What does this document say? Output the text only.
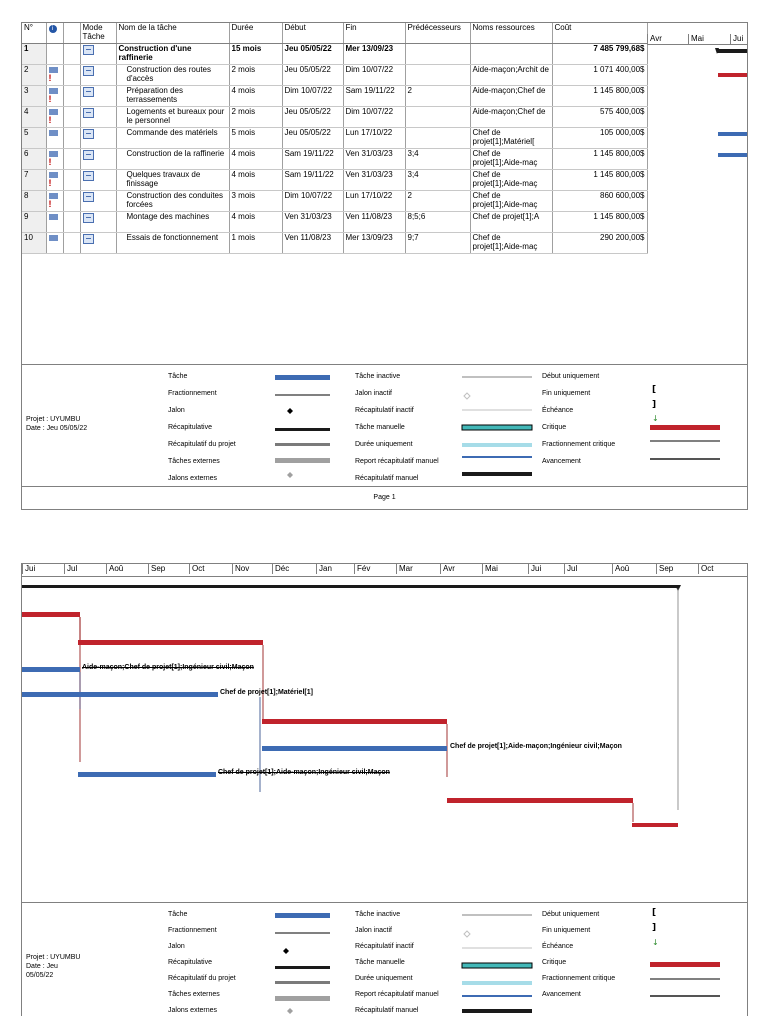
N°	i		Mode Tâche	Nom de la tâche	Durée	Début	Fin	Prédécesseurs	Noms ressources	Coût
1				Construction d'une raffinerie	15 mois	Jeu 05/05/22	Mer 13/09/23			7 485 799,68$
2	!			Construction des routes d'accès	2 mois	Jeu 05/05/22	Dim 10/07/22		Aide-maçon;Archit de	1 071 400,00$
3	!			Préparation des terrassements	4 mois	Dim 10/07/22	Sam 19/11/22	2	Aide-maçon;Chef de	1 145 800,00$
4	!			Logements et bureaux pour le personnel	2 mois	Jeu 05/05/22	Dim 10/07/22		Aide-maçon;Chef de	575 400,00$
5				Commande des matériels	5 mois	Jeu 05/05/22	Lun 17/10/22		Chef de projet[1];Matériel[	105 000,00$
6	!			Construction de la raffinerie	4 mois	Sam 19/11/22	Ven 31/03/23	3;4	Chef de projet[1];Aide-maç	1 145 800,00$
7	!			Quelques travaux de finissage	4 mois	Sam 19/11/22	Ven 31/03/23	3;4	Chef de projet[1];Aide-maç	1 145 800,00$
8	!			Construction des conduites forcées	3 mois	Dim 10/07/22	Lun 17/10/22	2	Chef de projet[1];Aide-maç	860 600,00$
9				Montage des machines	4 mois	Ven 31/03/23	Ven 11/08/23	8;5;6	Chef de projet[1];A	1 145 800,00$
10				Essais de fonctionnement	1 mois	Ven 11/08/23	Mer 13/09/23	9;7	Chef de projet[1];Aide-maç	290 200,00$
Avr	Mai	Jui
Projet : UYUMBU
Date : Jeu 05/05/22
Tâche
Fractionnement
Jalon
Récapitulative
Récapitulatif du projet
Tâches externes
Jalons externes
[
]
↓
Tâche inactive
Jalon inactif
Récapitulatif inactif
Tâche manuelle
Durée uniquement
Report récapitulatif manuel
Récapitulatif manuel
Début uniquement
Fin uniquement
Échéance
Critique
Fractionnement critique
Avancement
Page 1
Jui	Jul	Aoû	Sep	Oct	Nov	Déc	Jan	Fév	Mar	Avr	Mai	Jui	Jul	Aoû	Sep	Oct
Aide-maçon;Chef de projet[1];Ingénieur civil;Maçon
Chef de projet[1];Matériel[1]
Chef de projet[1];Aide-maçon;Ingénieur civil;Maçon
Chef de projet[1];Aide-maçon;Ingénieur civil;Maçon
Projet : UYUMBU
Date : Jeu
05/05/22
Tâche
Fractionnement
Jalon
Récapitulative
Récapitulatif du projet
Tâches externes
Jalons externes
[
]
↓
Tâche inactive
Jalon inactif
Récapitulatif inactif
Tâche manuelle
Durée uniquement
Report récapitulatif manuel
Récapitulatif manuel
Début uniquement
Fin uniquement
Échéance
Critique
Fractionnement critique
Avancement
